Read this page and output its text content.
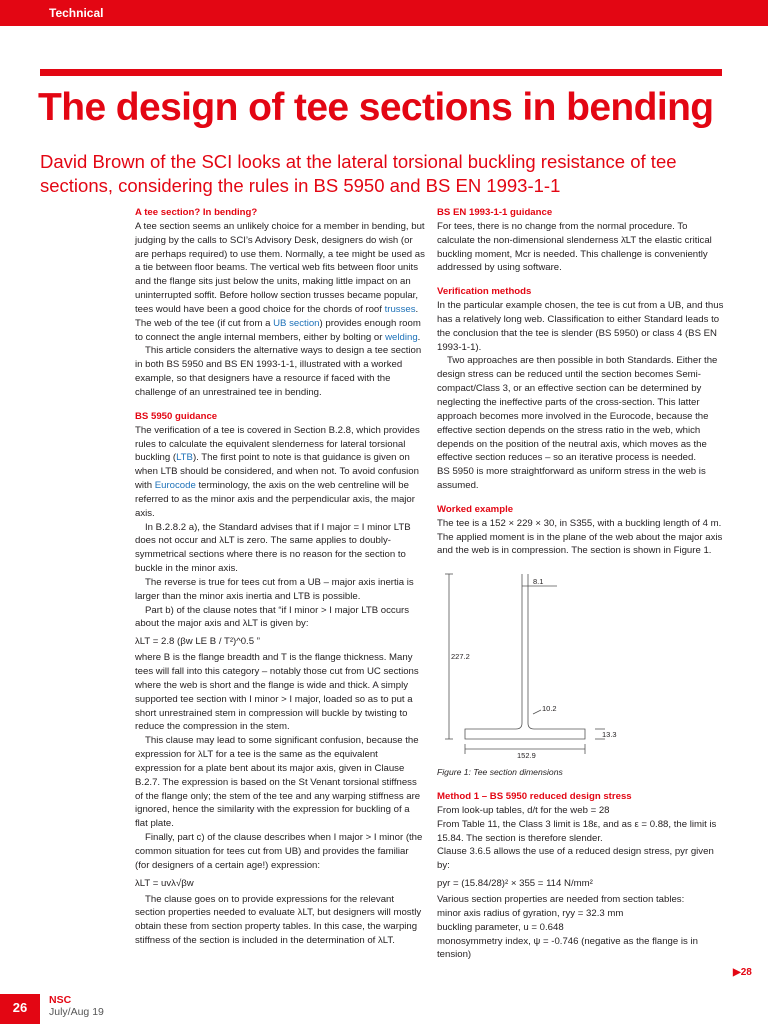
Technical
The design of tee sections in bending
David Brown of the SCI looks at the lateral torsional buckling resistance of tee sections, considering the rules in BS 5950 and BS EN 1993-1-1

A tee section? In bending?

A tee section seems an unlikely choice for a member in bending, but judging by the calls to SCI’s Advisory Desk, designers do wish (or are perhaps required) to use them. Normally, a tee might be used as a tie between floor beams. The vertical web fits between floor units and the flange sits just below the units, making little impact on an uninterrupted soffit. Before hollow section trusses became popular, tees would have been a good choice for the chords of roof trusses. The web of the tee (if cut from a UB section) provides enough room to connect the angle internal members, either by bolting or welding.

This article considers the alternative ways to design a tee section in both BS 5950 and BS EN 1993-1-1, illustrated with a worked example, so that designers have a resource if faced with the challenge of an unrestrained tee in bending.

BS 5950 guidance

The verification of a tee is covered in Section B.2.8, which provides rules to calculate the equivalent slenderness for lateral torsional buckling (LTB). The first point to note is that guidance is given on when LTB should be considered, and when not. To avoid confusion with Eurocode terminology, the axis on the web centreline will be referred to as the minor axis and the perpendicular axis, the major axis.

In B.2.8.2 a), the Standard advises that if I major = I minor LTB does not occur and λLT is zero. The same applies to doubly-symmetrical sections where there is no reason for the section to buckle in the minor axis.

The reverse is true for tees cut from a UB – major axis inertia is larger than the minor axis inertia and LTB is possible.

Part b) of the clause notes that “if I minor > I major LTB occurs about the major axis and λLT is given by:

λLT = 2.8 (βw LE B / T²)^0.5 ”

where B is the flange breadth and T is the flange thickness. Many tees will fall into this category – notably those cut from UC sections where the web is short and the flange is wide and thick. A simply supported tee section with I minor > I major, loaded so as to put a short unrestrained stem in compression will buckle by twisting to reduce the compression in the stem.

This clause may lead to some significant confusion, because the expression for λLT for a tee is the same as the equivalent expression for a plate bent about its major axis, given in Clause B.2.7. The expression is based on the St Venant torsional stiffness of the flange only; the stem of the tee and any warping stiffness are ignored, hence the similarity with the expression for buckling of a flat plate.

Finally, part c) of the clause describes when I major > I minor (the common situation for tees cut from UB) and provides the familiar (for designers of a certain age!) expression:

λLT = uvλ√βw

The clause goes on to provide expressions for the relevant section properties needed to evaluate λLT, but designers will mostly obtain these from section property tables. In this case, the warping stiffness of the section is included in the determination of λLT.

BS EN 1993-1-1 guidance

For tees, there is no change from the normal procedure. To calculate the non-dimensional slenderness λ̄LT the elastic critical buckling moment, Mcr is needed. This challenge is conveniently addressed by using software.

Verification methods

In the particular example chosen, the tee is cut from a UB, and thus has a relatively long web. Classification to either Standard leads to the conclusion that the tee is slender (BS 5950) or class 4 (BS EN 1993-1-1).

Two approaches are then possible in both Standards. Either the design stress can be reduced until the section becomes Semi-compact/Class 3, or an effective section can be determined by neglecting the ineffective parts of the cross-section. This latter approach becomes more involved in the Eurocode, because the effective section depends on the stress ratio in the web, which depends on the position of the neutral axis, which moves as the effective section reduces – so an iterative process is needed.

BS 5950 is more straightforward as uniform stress in the web is assumed.

Worked example

The tee is a 152 × 229 × 30, in S355, with a buckling length of 4 m. The applied moment is in the plane of the web about the major axis and the web is in compression. The section is shown in Figure 1.

8.1
227.2
10.2
13.3
152.9

Figure 1: Tee section dimensions

Method 1 – BS 5950 reduced design stress

From look-up tables, d/t for the web = 28

From Table 11, the Class 3 limit is 18ε, and as ε = 0.88, the limit is 15.84. The section is therefore slender.

Clause 3.6.5 allows the use of a reduced design stress, pyr given by:

pyr = (15.84/28)² × 355 = 114 N/mm²

Various section properties are needed from section tables:

minor axis radius of gyration, ryy = 32.3 mm

buckling parameter, u = 0.648

monosymmetry index, ψ = -0.746 (negative as the flange is in tension)

▶28
26	NSC
July/Aug 19
